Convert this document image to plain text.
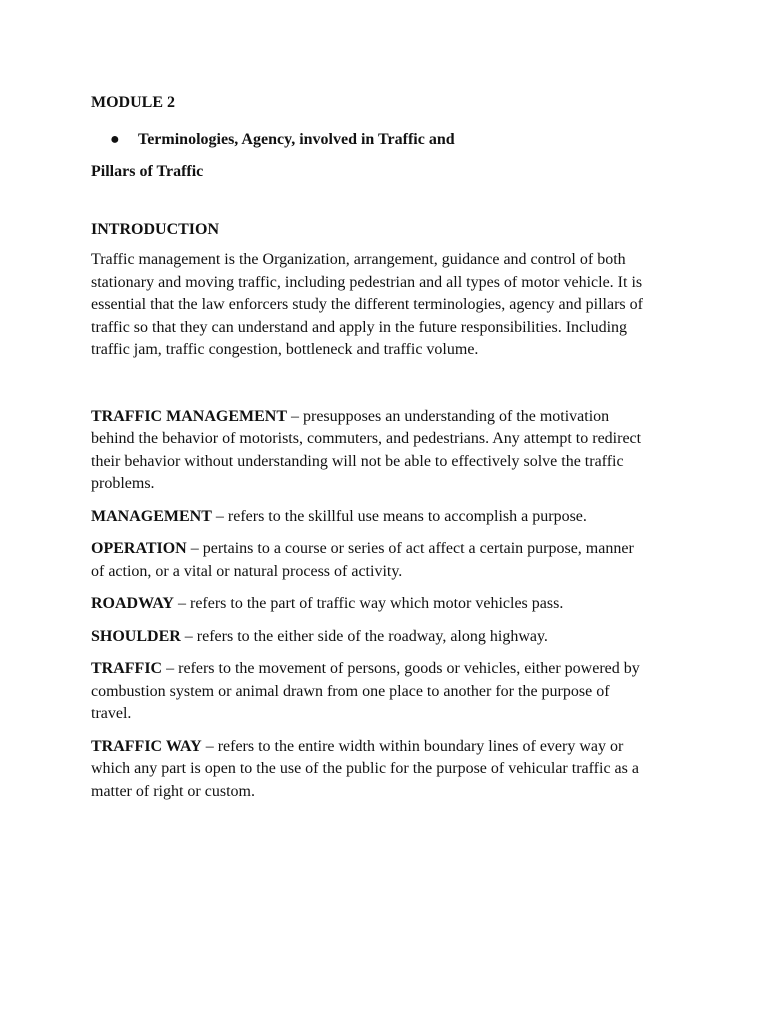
MODULE 2
●	Terminologies, Agency, involved in Traffic and
Pillars of Traffic
INTRODUCTION
Traffic management is the Organization, arrangement, guidance and control of both stationary and moving traffic, including pedestrian and all types of motor vehicle. It is essential that the law enforcers study the different terminologies, agency and pillars of traffic so that they can understand and apply in the future responsibilities. Including traffic jam, traffic congestion, bottleneck and traffic volume.
TRAFFIC MANAGEMENT – presupposes an understanding of the motivation behind the behavior of motorists, commuters, and pedestrians. Any attempt to redirect their behavior without understanding will not be able to effectively solve the traffic problems.
MANAGEMENT – refers to the skillful use means to accomplish a purpose.
OPERATION – pertains to a course or series of act affect a certain purpose, manner of action, or a vital or natural process of activity.
ROADWAY – refers to the part of traffic way which motor vehicles pass.
SHOULDER – refers to the either side of the roadway, along highway.
TRAFFIC – refers to the movement of persons, goods or vehicles, either powered by combustion system or animal drawn from one place to another for the purpose of travel.
TRAFFIC WAY – refers to the entire width within boundary lines of every way or which any part is open to the use of the public for the purpose of vehicular traffic as a matter of right or custom.
